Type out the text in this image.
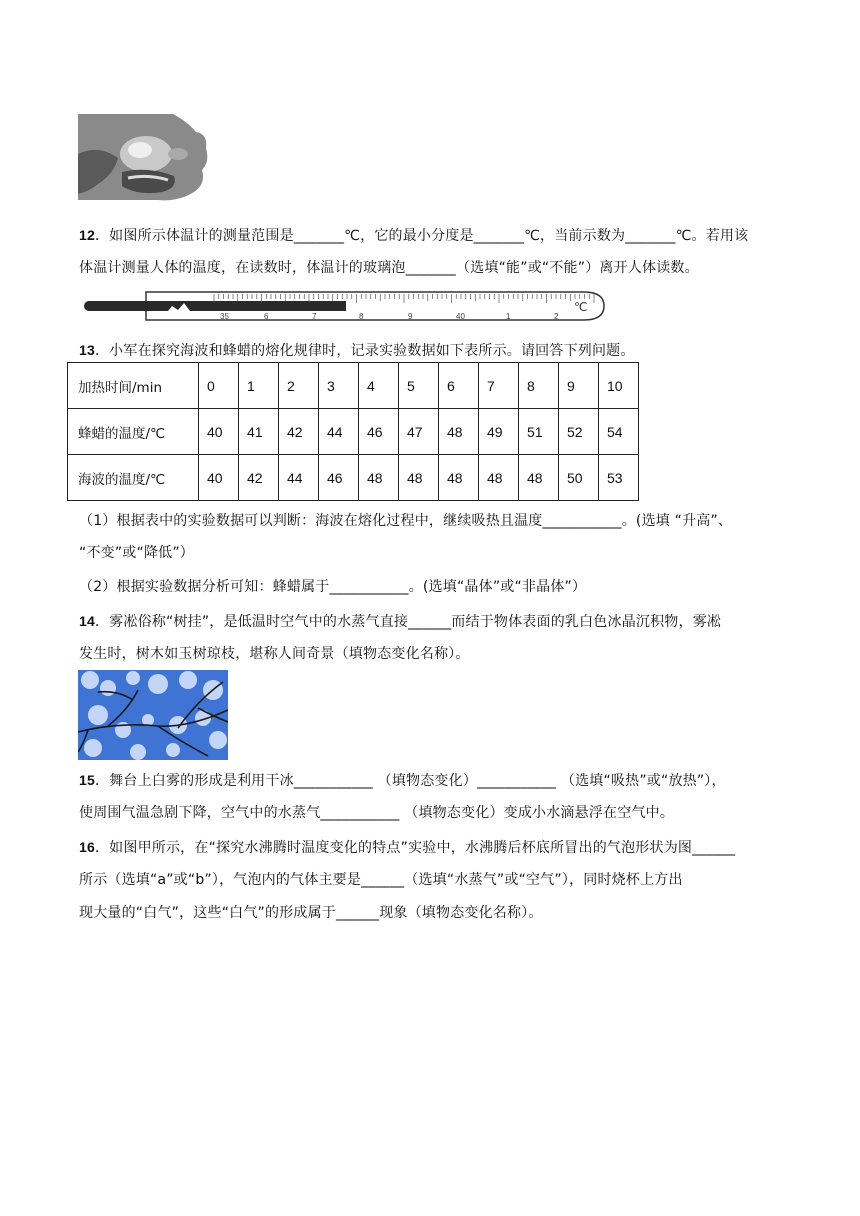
12．如图所示体温计的测量范围是_______℃，它的最小分度是_______℃，当前示数为_______℃。若用该
体温计测量人体的温度，在读数时，体温计的玻璃泡_______（选填“能”或“不能”）离开人体读数。
35	6	7	8	9	40	1	2
℃
13．小军在探究海波和蜂蜡的熔化规律时，记录实验数据如下表所示。请回答下列问题。
加热时间/min	0	1	2	3	4	5	6	7	8	9	10
蜂蜡的温度/℃	40	41	42	44	46	47	48	49	51	52	54
海波的温度/℃	40	42	44	46	48	48	48	48	48	50	53
（1）根据表中的实验数据可以判断：海波在熔化过程中，继续吸热且温度___________。(选填 “升高”、
“不变”或“降低”）
（2）根据实验数据分析可知：蜂蜡属于___________。(选填“晶体”或“非晶体”）
14．雾凇俗称“树挂”，是低温时空气中的水蒸气直接______而结于物体表面的乳白色冰晶沉积物，雾凇
发生时，树木如玉树琼枝，堪称人间奇景（填物态变化名称）。
15．舞台上白雾的形成是利用干冰___________ （填物态变化）___________ （选填“吸热”或“放热”），
使周围气温急剧下降，空气中的水蒸气___________ （填物态变化）变成小水滴悬浮在空气中。
16．如图甲所示，在“探究水沸腾时温度变化的特点”实验中，水沸腾后杯底所冒出的气泡形状为图______
所示（选填“a”或“b”），气泡内的气体主要是______（选填“水蒸气”或“空气”），同时烧杯上方出
现大量的“白气”，这些“白气”的形成属于______现象（填物态变化名称）。
